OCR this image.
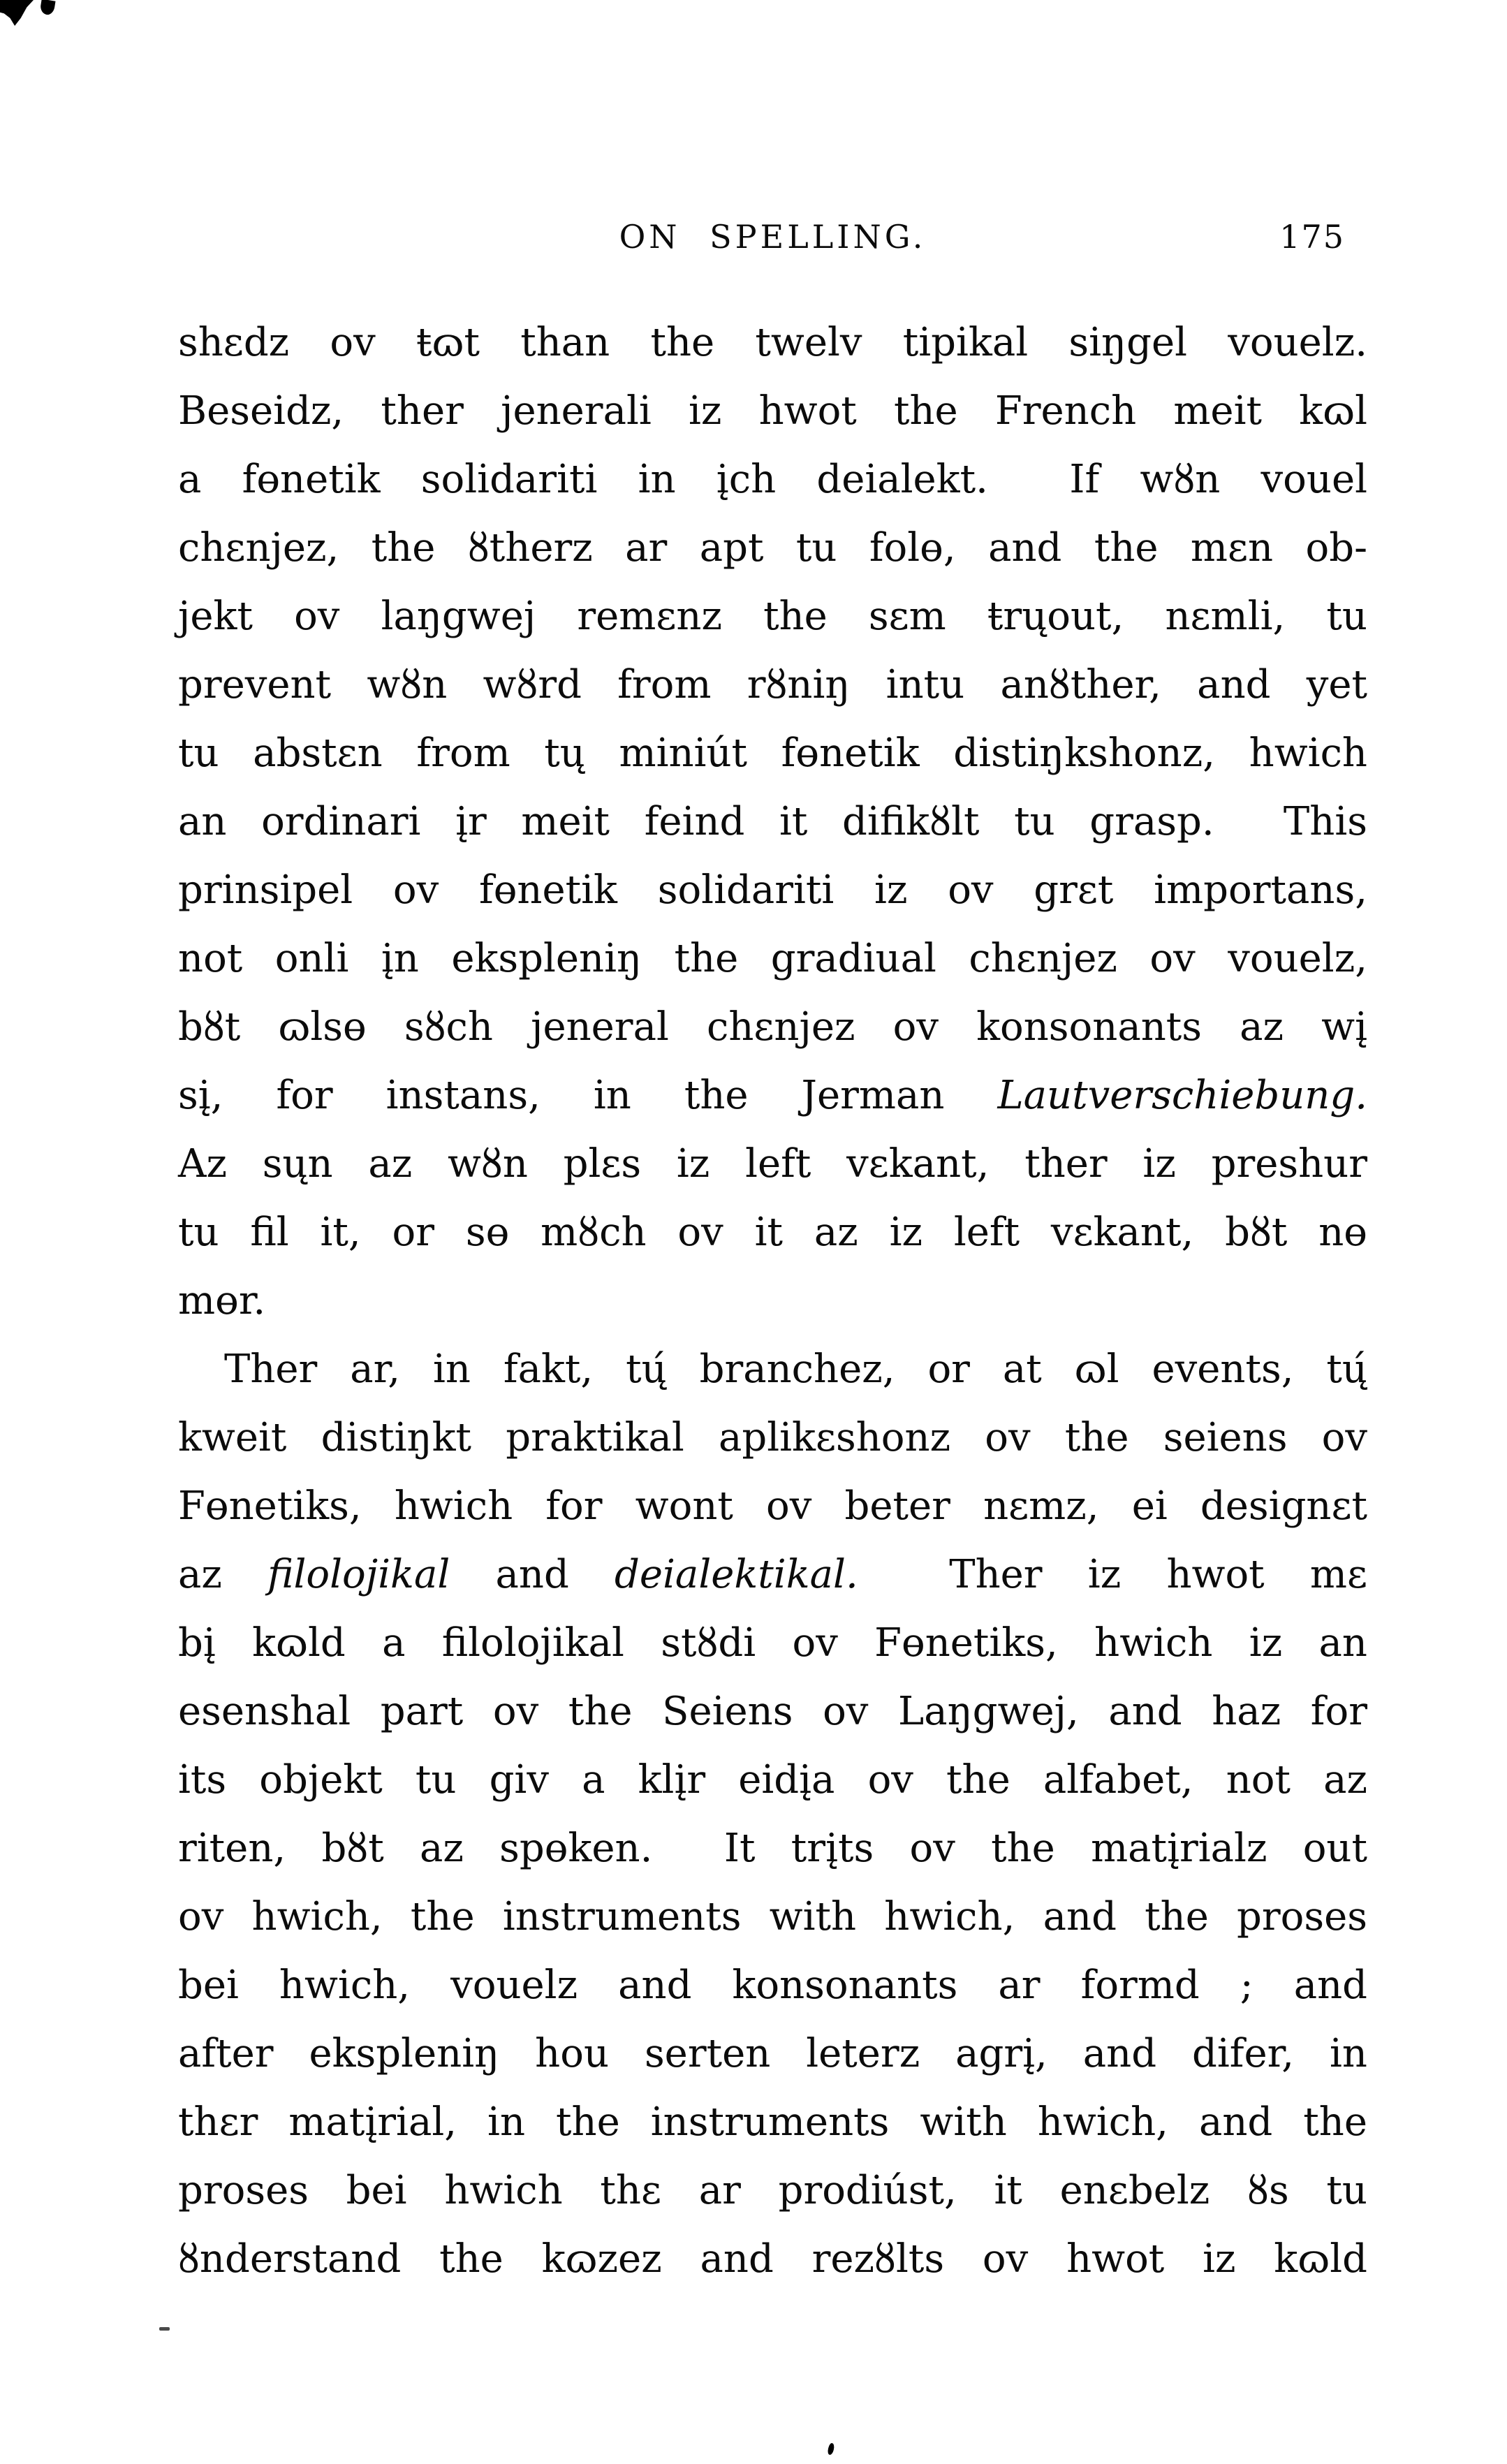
ON SPELLING.	175
shɛdz ov ŧɷt than the twelv tipikal siŋgel vouelz.
Beseidz, ther jenerali iz hwot the French meit kɷl
a fɵnetik solidariti in įch deialekt.  If wȣn vouel
chɛnjez, the ȣtherz ar apt tu folɵ, and the mɛn ob-
jekt ov laŋgwej remɛnz the sɛm ŧrųout, nɛmli, tu
prevent wȣn wȣrd from rȣniŋ intu anȣther, and yet
tu abstɛn from tų miniút fɵnetik distiŋkshonz, hwich
an ordinari įr meit feind it difikȣlt tu grasp.  This
prinsipel ov fɵnetik solidariti iz ov grɛt importans,
not onli įn ekspleniŋ the gradiual chɛnjez ov vouelz,
bȣt ɷlsɵ sȣch jeneral chɛnjez ov konsonants az wį
sį, for instans, in the Jerman Lautverschiebung.
Az sųn az wȣn plɛs iz left vɛkant, ther iz preshur
tu fil it, or sɵ mȣch ov it az iz left vɛkant, bȣt nɵ
mɵr.
Ther ar, in fakt, tų́ branchez, or at ɷl events, tų́
kweit distiŋkt praktikal aplikɛshonz ov the seiens ov
Fɵnetiks, hwich for wont ov beter nɛmz, ei designɛt
az filolojikal and deialektikal.  Ther iz hwot mɛ
bį kɷld a filolojikal stȣdi ov Fɵnetiks, hwich iz an
esenshal part ov the Seiens ov Laŋgwej, and haz for
its objekt tu giv a klįr eidįa ov the alfabet, not az
riten, bȣt az spɵken.  It trįts ov the matįrialz out
ov hwich, the instruments with hwich, and the proses
bei hwich, vouelz and konsonants ar formd ; and
after ekspleniŋ hou serten leterz agrį, and difer, in
thɛr matįrial, in the instruments with hwich, and the
proses bei hwich thɛ ar prodiúst, it enɛbelz ȣs tu
ȣnderstand the kɷzez and rezȣlts ov hwot iz kɷld
